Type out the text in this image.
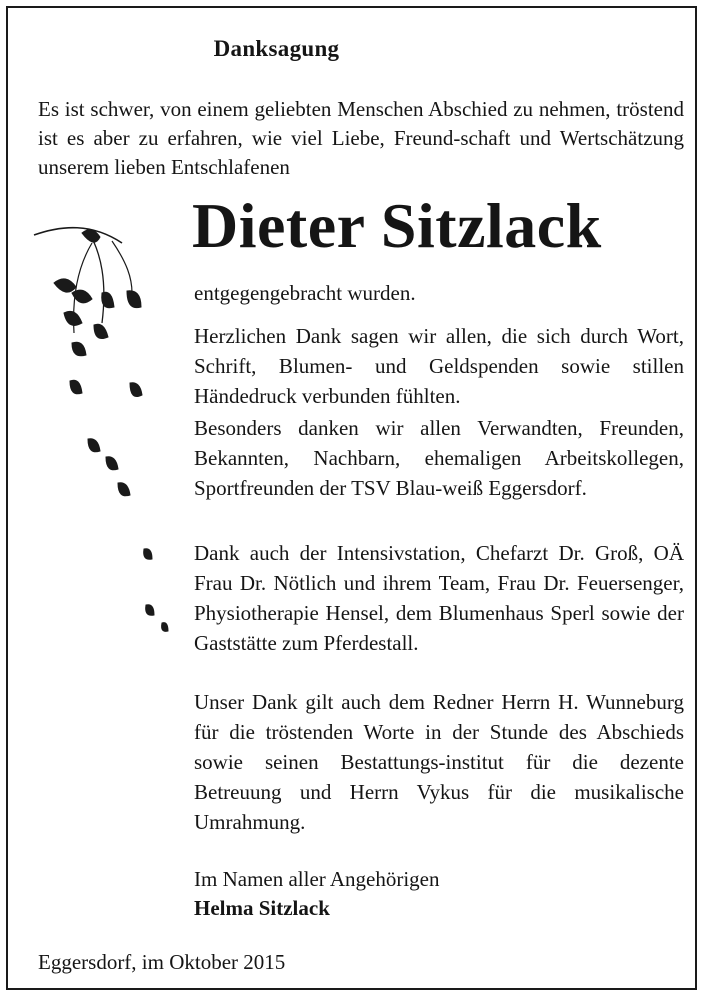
Danksagung
Es ist schwer, von einem geliebten Menschen Abschied zu nehmen, tröstend ist es aber zu erfahren, wie viel Liebe, Freund-schaft und Wertschätzung unserem lieben Entschlafenen
Dieter Sitzlack
entgegengebracht wurden.
Herzlichen Dank sagen wir allen, die sich durch Wort, Schrift, Blumen- und Geldspenden sowie stillen Händedruck verbunden fühlten.
Besonders danken wir allen Verwandten, Freunden, Bekannten, Nachbarn, ehemaligen Arbeitskollegen, Sportfreunden der TSV Blau-weiß Eggersdorf.
Dank auch der Intensivstation, Chefarzt Dr. Groß, OÄ Frau Dr. Nötlich und ihrem Team, Frau Dr. Feuersenger, Physiotherapie Hensel, dem Blumenhaus Sperl sowie der Gaststätte zum Pferdestall.
Unser Dank gilt auch dem Redner Herrn H. Wunneburg für die tröstenden Worte in der Stunde des Abschieds sowie seinen Bestattungs-institut für die dezente Betreuung und Herrn Vykus für die musikalische Umrahmung.
Im Namen aller Angehörigen
Helma Sitzlack
Eggersdorf, im Oktober 2015
